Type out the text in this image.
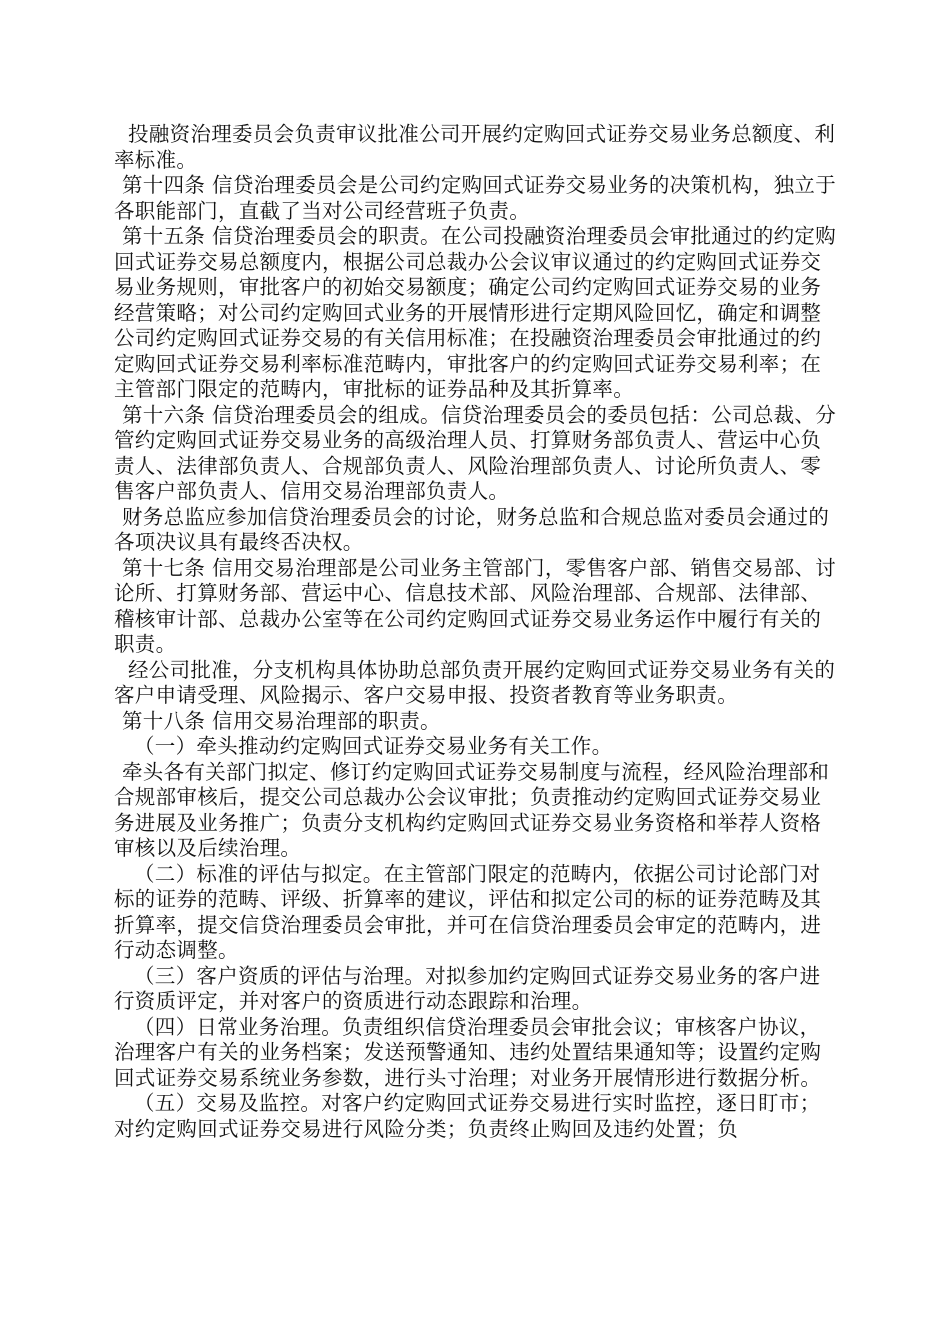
投融资治理委员会负责审议批准公司开展约定购回式证券交易业务总额度、利率标准。

第十四条 信贷治理委员会是公司约定购回式证券交易业务的决策机构，独立于各职能部门，直截了当对公司经营班子负责。

第十五条 信贷治理委员会的职责。在公司投融资治理委员会审批通过的约定购回式证券交易总额度内，根据公司总裁办公会议审议通过的约定购回式证券交易业务规则，审批客户的初始交易额度；确定公司约定购回式证券交易的业务经营策略；对公司约定购回式业务的开展情形进行定期风险回忆，确定和调整公司约定购回式证券交易的有关信用标准；在投融资治理委员会审批通过的约定购回式证券交易利率标准范畴内，审批客户的约定购回式证券交易利率；在主管部门限定的范畴内，审批标的证券品种及其折算率。

第十六条 信贷治理委员会的组成。信贷治理委员会的委员包括：公司总裁、分管约定购回式证券交易业务的高级治理人员、打算财务部负责人、营运中心负责人、法律部负责人、合规部负责人、风险治理部负责人、讨论所负责人、零售客户部负责人、信用交易治理部负责人。

财务总监应参加信贷治理委员会的讨论，财务总监和合规总监对委员会通过的各项决议具有最终否决权。

第十七条 信用交易治理部是公司业务主管部门，零售客户部、销售交易部、讨论所、打算财务部、营运中心、信息技术部、风险治理部、合规部、法律部、稽核审计部、总裁办公室等在公司约定购回式证券交易业务运作中履行有关的职责。

经公司批准，分支机构具体协助总部负责开展约定购回式证券交易业务有关的客户申请受理、风险揭示、客户交易申报、投资者教育等业务职责。

第十八条 信用交易治理部的职责。

（一）牵头推动约定购回式证券交易业务有关工作。

牵头各有关部门拟定、修订约定购回式证券交易制度与流程，经风险治理部和合规部审核后，提交公司总裁办公会议审批；负责推动约定购回式证券交易业务进展及业务推广；负责分支机构约定购回式证券交易业务资格和举荐人资格审核以及后续治理。

（二）标准的评估与拟定。在主管部门限定的范畴内，依据公司讨论部门对标的证券的范畴、评级、折算率的建议，评估和拟定公司的标的证券范畴及其折算率，提交信贷治理委员会审批，并可在信贷治理委员会审定的范畴内，进行动态调整。

（三）客户资质的评估与治理。对拟参加约定购回式证券交易业务的客户进行资质评定，并对客户的资质进行动态跟踪和治理。

（四）日常业务治理。负责组织信贷治理委员会审批会议；审核客户协议，治理客户有关的业务档案；发送预警通知、违约处置结果通知等；设置约定购回式证券交易系统业务参数，进行头寸治理；对业务开展情形进行数据分析。

（五）交易及监控。对客户约定购回式证券交易进行实时监控，逐日盯市；对约定购回式证券交易进行风险分类；负责终止购回及违约处置；负
